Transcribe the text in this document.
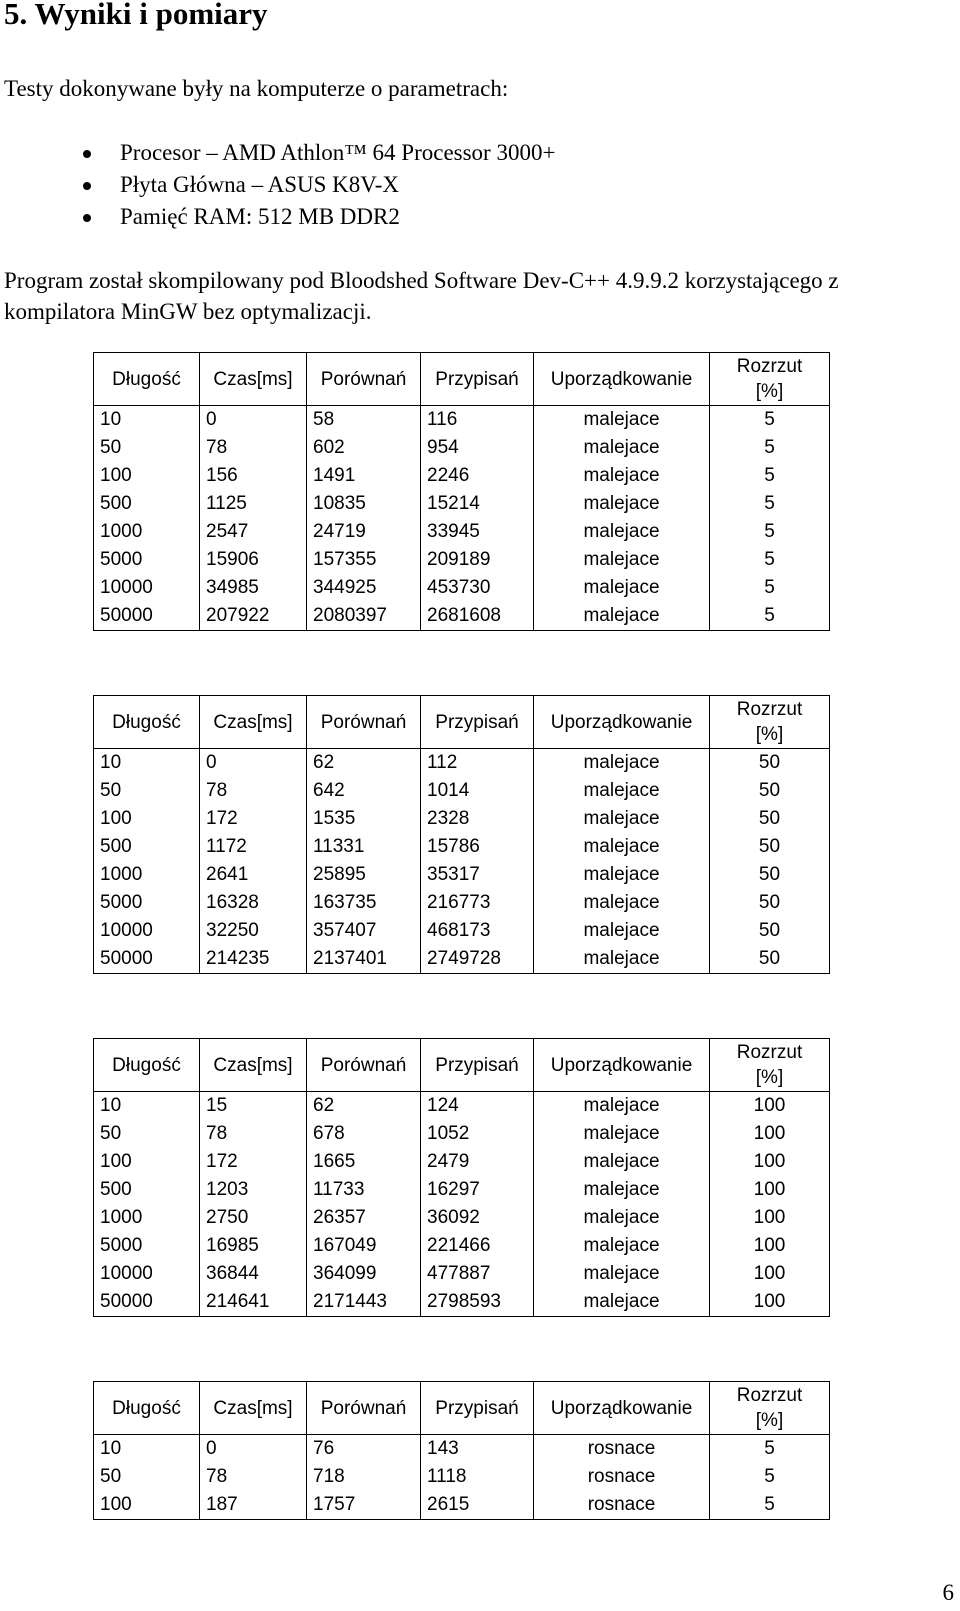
5. Wyniki i pomiary

Testy dokonywane były na komputerze o parametrach:

Procesor – AMD Athlon™ 64 Processor 3000+
Płyta Główna – ASUS K8V-X
Pamięć RAM: 512 MB DDR2

Program został skompilowany pod Bloodshed Software Dev-C++ 4.9.9.2 korzystającego z kompilatora MinGW bez optymalizacji.

Długość	Czas[ms]	Porównań	Przypisań	Uporządkowanie	Rozrzut [%]
10	0	58	116	malejace	5
50	78	602	954	malejace	5
100	156	1491	2246	malejace	5
500	1125	10835	15214	malejace	5
1000	2547	24719	33945	malejace	5
5000	15906	157355	209189	malejace	5
10000	34985	344925	453730	malejace	5
50000	207922	2080397	2681608	malejace	5
Długość	Czas[ms]	Porównań	Przypisań	Uporządkowanie	Rozrzut [%]
10	0	62	112	malejace	50
50	78	642	1014	malejace	50
100	172	1535	2328	malejace	50
500	1172	11331	15786	malejace	50
1000	2641	25895	35317	malejace	50
5000	16328	163735	216773	malejace	50
10000	32250	357407	468173	malejace	50
50000	214235	2137401	2749728	malejace	50
Długość	Czas[ms]	Porównań	Przypisań	Uporządkowanie	Rozrzut [%]
10	15	62	124	malejace	100
50	78	678	1052	malejace	100
100	172	1665	2479	malejace	100
500	1203	11733	16297	malejace	100
1000	2750	26357	36092	malejace	100
5000	16985	167049	221466	malejace	100
10000	36844	364099	477887	malejace	100
50000	214641	2171443	2798593	malejace	100
Długość	Czas[ms]	Porównań	Przypisań	Uporządkowanie	Rozrzut [%]
10	0	76	143	rosnace	5
50	78	718	1118	rosnace	5
100	187	1757	2615	rosnace	5
6
